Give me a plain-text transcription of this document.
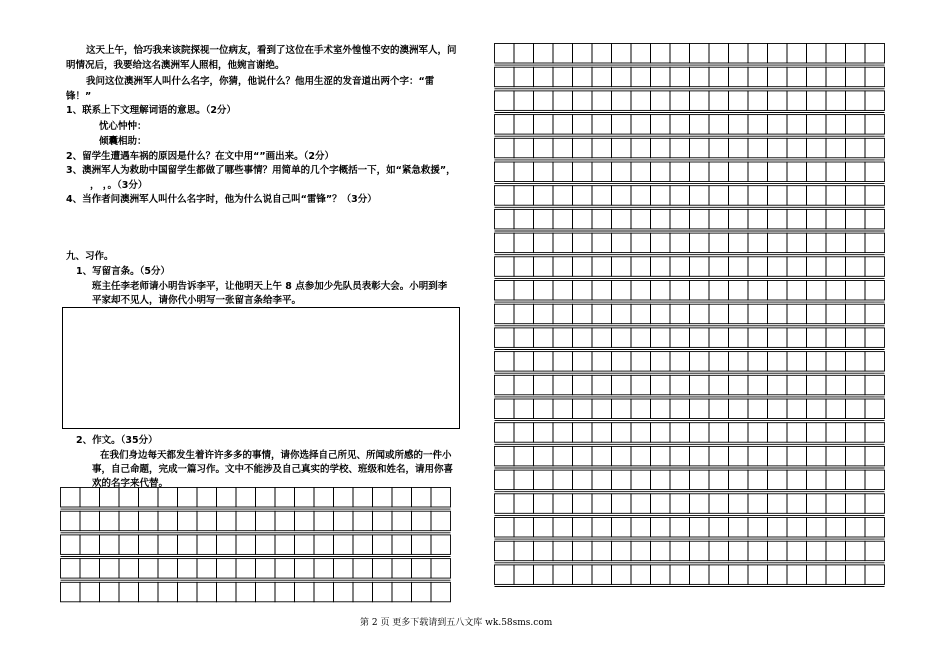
这天上午，恰巧我来该院探视一位病友，看到了这位在手术室外惶惶不安的澳洲军人，问
明情况后，我要给这名澳洲军人照相，他婉言谢绝。
我问这位澳洲军人叫什么名字，你猜，他说什么？他用生涩的发音道出两个字：“雷
锋！”
1、联系上下文理解词语的意思。（2分）
忧心忡忡：
倾囊相助：
2、留学生遭遇车祸的原因是什么？在文中用“”画出来。（2分）
3、澳洲军人为救助中国留学生都做了哪些事情？用简单的几个字概括一下，如“紧急救援”，
， ，。（3分）
4、当作者问澳洲军人叫什么名字时，他为什么说自己叫“雷锋”？（3分）
九、习作。
1、写留言条。（5分）
班主任李老师请小明告诉李平，让他明天上午 8 点参加少先队员表彰大会。小明到李
平家却不见人，请你代小明写一张留言条给李平。
2、作文。（35分）
在我们身边每天都发生着许许多多的事情，请你选择自己所见、所闻或所感的一件小
事，自己命题，完成一篇习作。文中不能涉及自己真实的学校、班级和姓名，请用你喜
欢的名字来代替。
第 2 页 更多下载请到五八文库 wk.58sms.com
